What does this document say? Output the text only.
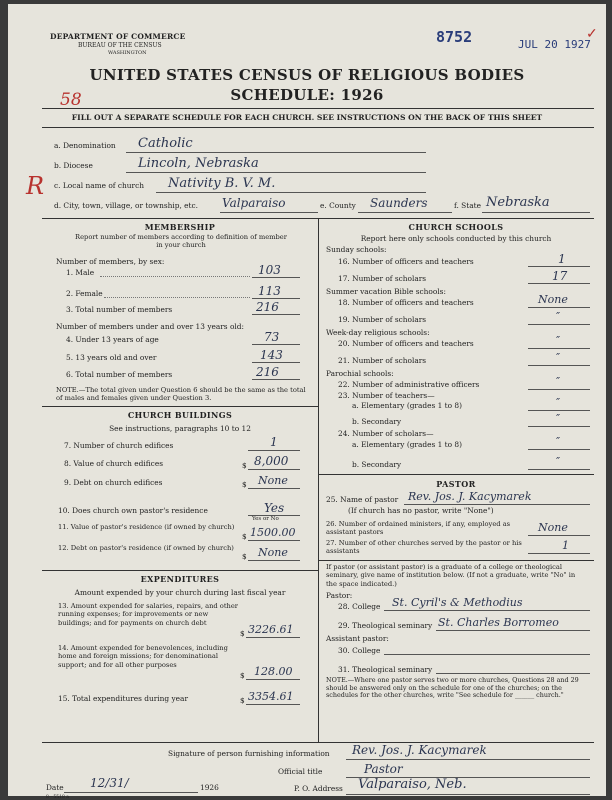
DEPARTMENT OF COMMERCE
BUREAU OF THE CENSUS
WASHINGTON
8752	JUL 20 1927
✓
UNITED STATES CENSUS OF RELIGIOUS BODIES
SCHEDULE: 1926
58
R
FILL OUT A SEPARATE SCHEDULE FOR EACH CHURCH. SEE INSTRUCTIONS ON THE BACK OF THIS SHEET
a. Denomination Catholic
b. Diocese	Lincoln, Nebraska
c. Local name of church Nativity B. V. M.
d. City, town, village, or township, etc. Valparaiso	e. County Saunders	f. State Nebraska
MEMBERSHIP
Report number of members according to definition of member in your church
Number of members, by sex:
1. Male	103
2. Female	113
3. Total number of members	216
Number of members under and over 13 years old:
4. Under 13 years of age	73
5. 13 years old and over	143
6. Total number of members	216
NOTE.—The total given under Question 6 should be the same as the total of males and females given under Question 3.
CHURCH BUILDINGS
See instructions, paragraphs 10 to 12
7. Number of church edifices	1
8. Value of church edifices	$ 8,000
9. Debt on church edifices	$ None
10. Does church own pastor's residence	Yes
Yes or No
11. Value of pastor's residence (if owned by church)
$ 1500.00
12. Debt on pastor's residence (if owned by church)
$ None
EXPENDITURES
Amount expended by your church during last fiscal year
13. Amount expended for salaries, repairs, and other running expenses; for improvements or new buildings; and for payments on church debt
$ 3226.61
14. Amount expended for benevolences, including home and foreign missions; for denominational support; and for all other purposes
$ 128.00
15. Total expenditures during year	$ 3354.61
CHURCH SCHOOLS
Report here only schools conducted by this church
Sunday schools:
16. Number of officers and teachers	1
17. Number of scholars	17
Summer vacation Bible schools:
18. Number of officers and teachers	None
19. Number of scholars	″
Week-day religious schools:
20. Number of officers and teachers	″
21. Number of scholars	″
Parochial schools:
22. Number of administrative officers	″
23. Number of teachers—
a. Elementary (grades 1 to 8)	″
b. Secondary	″
24. Number of scholars—
a. Elementary (grades 1 to 8)	″
b. Secondary	″
PASTOR
25. Name of pastor Rev. Jos. J. Kacymarek
(If church has no pastor, write "None")
26. Number of ordained ministers, if any, employed as assistant pastors	None
27. Number of other churches served by the pastor or his assistants	1
If pastor (or assistant pastor) is a graduate of a college or theological seminary, give name of institution below. (If not a graduate, write "No" in the space indicated.)
Pastor:
28. College St. Cyril's & Methodius
29. Theological seminary St. Charles Borromeo
Assistant pastor:
30. College
31. Theological seminary
NOTE.—Where one pastor serves two or more churches, Questions 28 and 29 should be answered only on the schedule for one of the churches; on the schedules for the other churches, write "See schedule for ______ church."
Signature of person furnishing information Rev. Jos. J. Kacymarek
Official title	Pastor
Date 12/31/	1926
8—5518 a
P. O. Address Valparaiso, Neb.
